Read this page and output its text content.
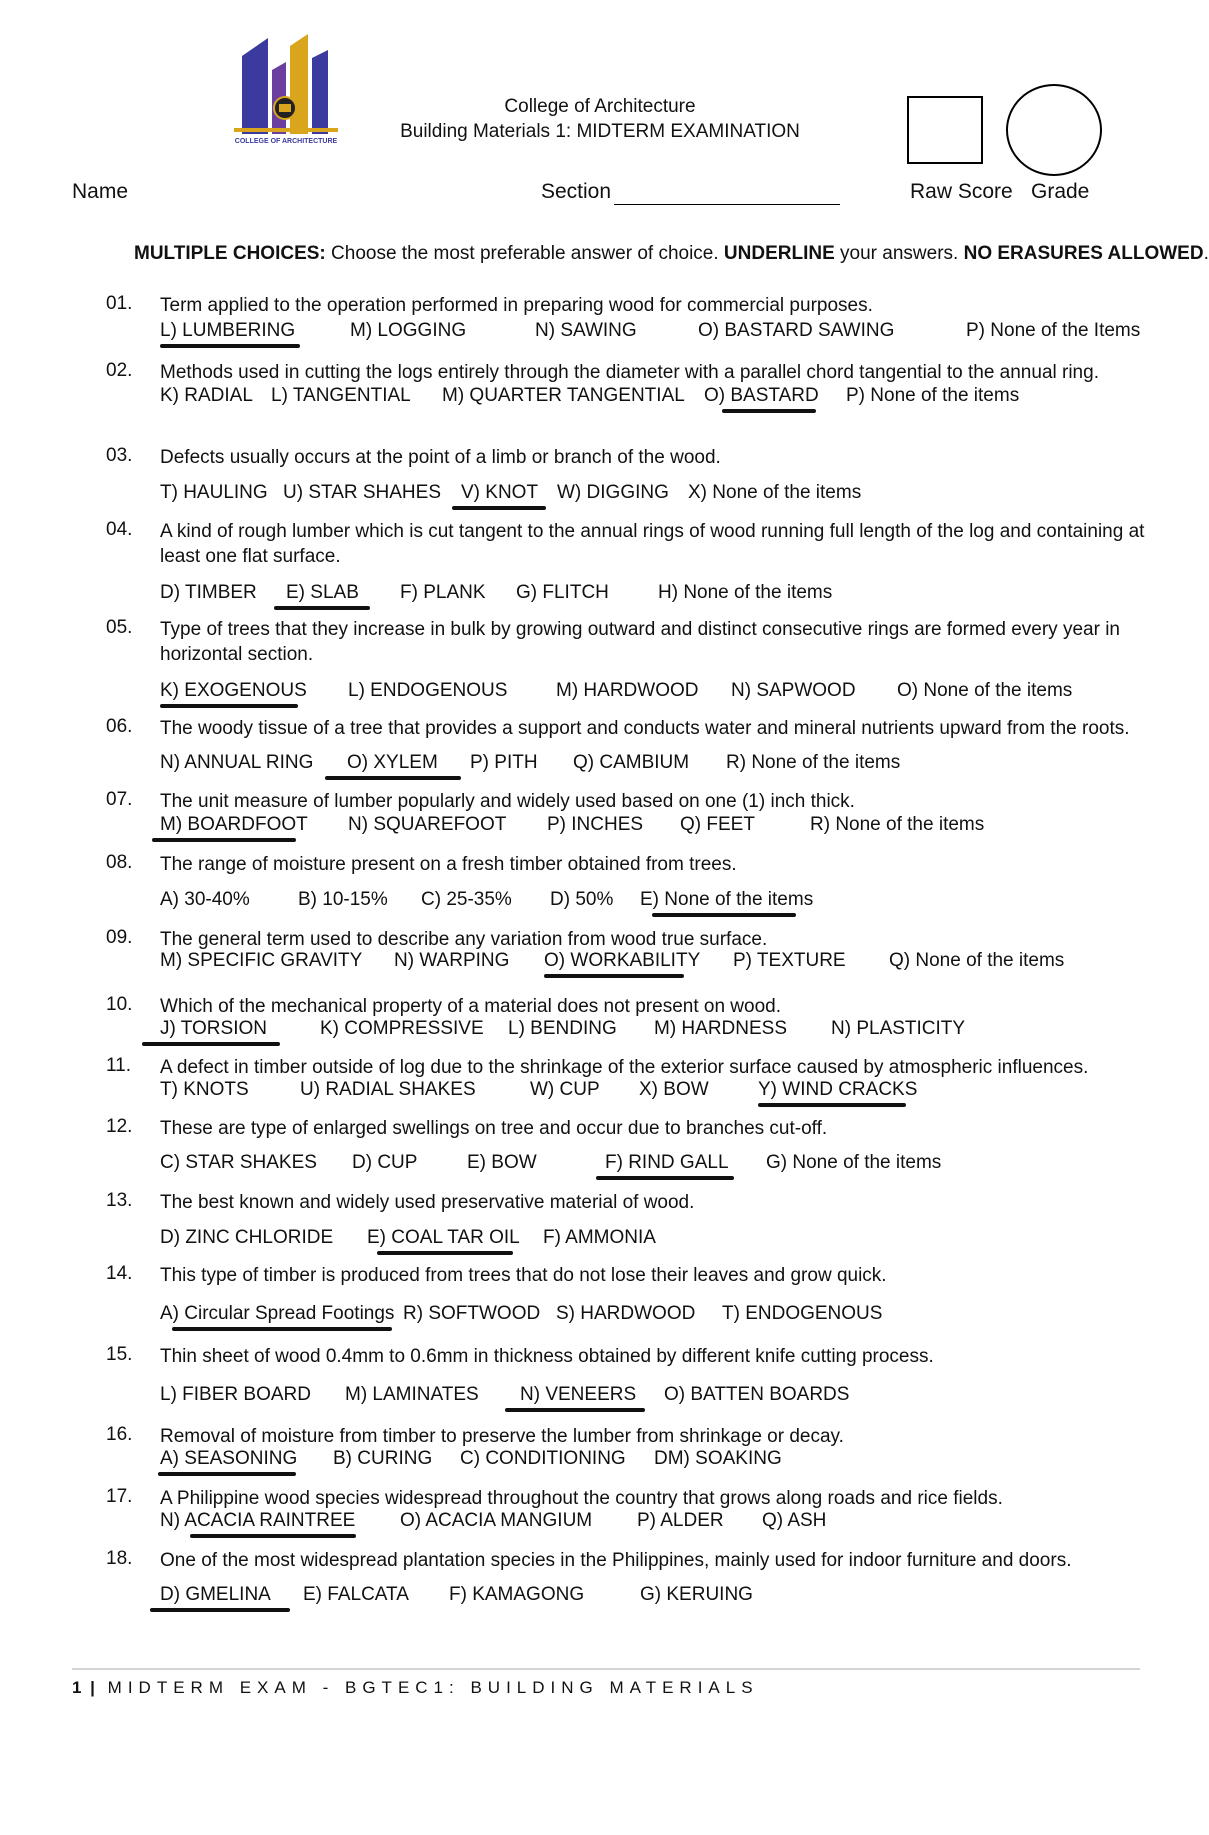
COLLEGE OF ARCHITECTURE
College of Architecture
Building Materials 1: MIDTERM EXAMINATION
Name	Section	Raw Score Grade
MULTIPLE CHOICES: Choose the most preferable answer of choice. UNDERLINE your answers. NO ERASURES ALLOWED.
01. Term applied to the operation performed in preparing wood for commercial purposes.
L) LUMBERING	M) LOGGING	N) SAWING	O) BASTARD SAWING	P) None of the Items
02. Methods used in cutting the logs entirely through the diameter with a parallel chord tangential to the annual ring.
K) RADIAL L) TANGENTIAL M) QUARTER TANGENTIAL O) BASTARD P) None of the items
03. Defects usually occurs at the point of a limb or branch of the wood.
T) HAULING U) STAR SHAHES V) KNOT W) DIGGING X) None of the items
04. A kind of rough lumber which is cut tangent to the annual rings of wood running full length of the log and containing at least one flat surface.
D) TIMBER E) SLAB F) PLANK G) FLITCH	H) None of the items
05. Type of trees that they increase in bulk by growing outward and distinct consecutive rings are formed every year in horizontal section.
K) EXOGENOUS L) ENDOGENOUS	M) HARDWOOD N) SAPWOOD O) None of the items
06. The woody tissue of a tree that provides a support and conducts water and mineral nutrients upward from the roots.
N) ANNUAL RING O) XYLEM P) PITH Q) CAMBIUM R) None of the items
07. The unit measure of lumber popularly and widely used based on one (1) inch thick.
M) BOARDFOOT N) SQUAREFOOT P) INCHES Q) FEET	R) None of the items
08. The range of moisture present on a fresh timber obtained from trees.
A) 30-40%	B) 10-15% C) 25-35% D) 50% E) None of the items
09. The general term used to describe any variation from wood true surface.
M) SPECIFIC GRAVITY N) WARPING O) WORKABILITY P) TEXTURE Q) None of the items
10. Which of the mechanical property of a material does not present on wood.
J) TORSION	K) COMPRESSIVE L) BENDING M) HARDNESS N) PLASTICITY
11. A defect in timber outside of log due to the shrinkage of the exterior surface caused by atmospheric influences.
T) KNOTS	U) RADIAL SHAKES	W) CUP X) BOW	Y) WIND CRACKS
12. These are type of enlarged swellings on tree and occur due to branches cut-off.
C) STAR SHAKES D) CUP	E) BOW	F) RIND GALL G) None of the items
13. The best known and widely used preservative material of wood.
D) ZINC CHLORIDE E) COAL TAR OIL F) AMMONIA
14. This type of timber is produced from trees that do not lose their leaves and grow quick.
A) Circular Spread Footings R) SOFTWOOD S) HARDWOOD T) ENDOGENOUS
15. Thin sheet of wood 0.4mm to 0.6mm in thickness obtained by different knife cutting process.
L) FIBER BOARD M) LAMINATES N) VENEERS O) BATTEN BOARDS
16. Removal of moisture from timber to preserve the lumber from shrinkage or decay.
A) SEASONING B) CURING C) CONDITIONING DM) SOAKING
17. A Philippine wood species widespread throughout the country that grows along roads and rice fields.
N) ACACIA RAINTREE O) ACACIA MANGIUM P) ALDER Q) ASH
18. One of the most widespread plantation species in the Philippines, mainly used for indoor furniture and doors.
D) GMELINA E) FALCATA F) KAMAGONG	G) KERUING
1 | MIDTERM EXAM - BGTEC1: BUILDING MATERIALS
